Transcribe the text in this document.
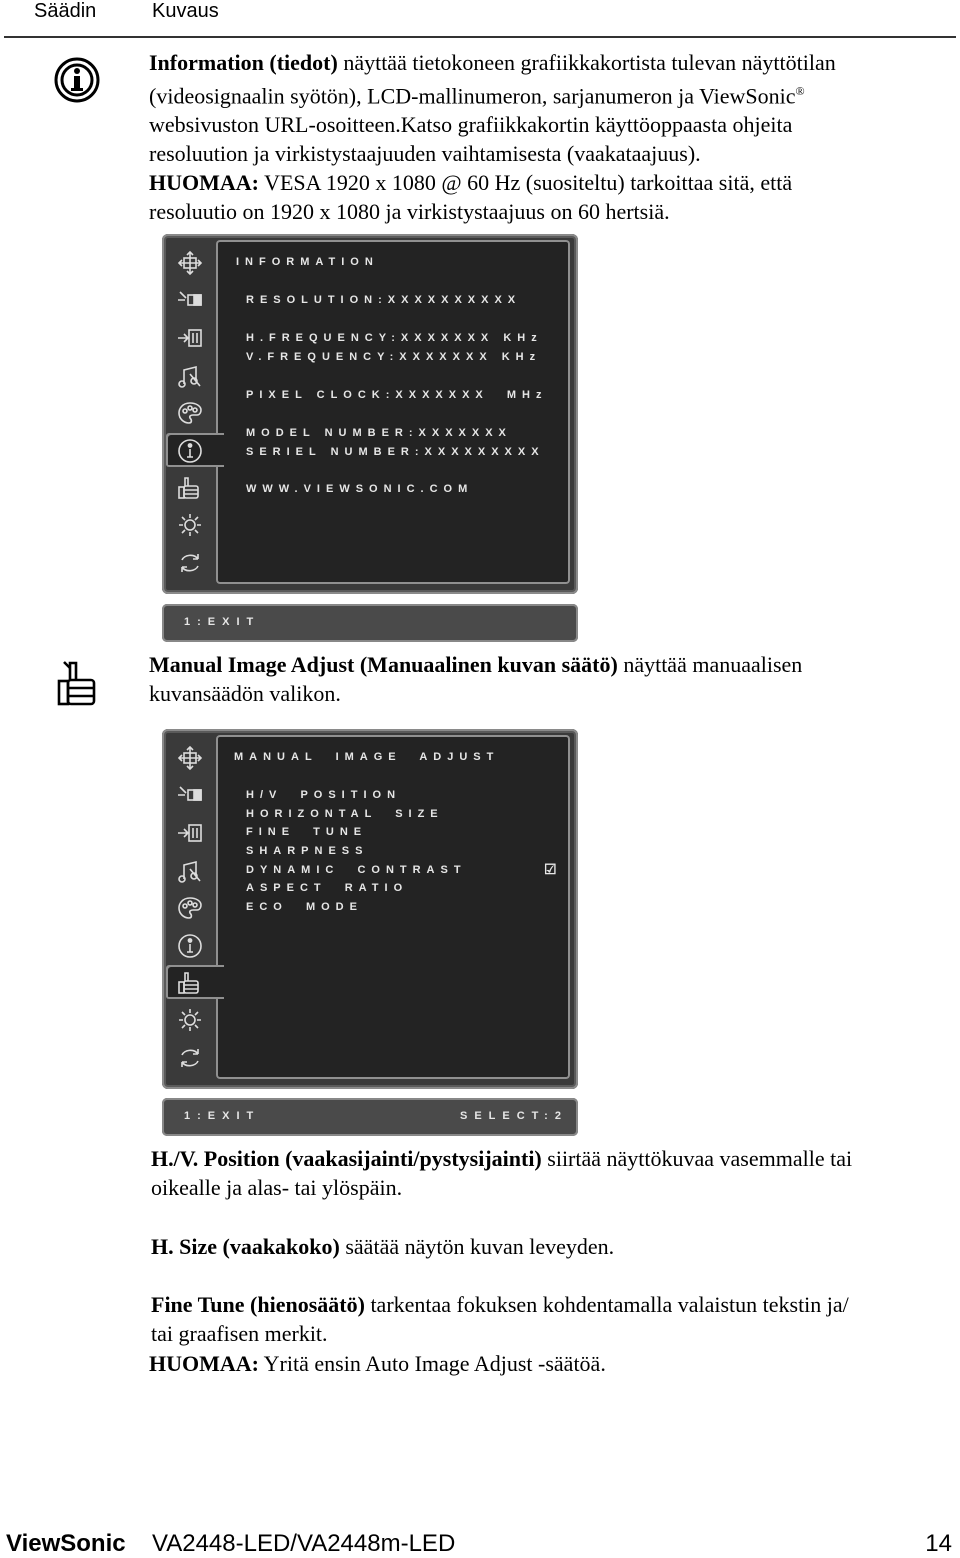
Säädin	Kuvaus
Information (tiedot) näyttää tietokoneen grafiikkakortista tulevan näyttötilan
(videosignaalin syötön), LCD-mallinumeron, sarjanumeron ja ViewSonic®
websivuston URL-osoitteen.Katso grafiikkakortin käyttöoppaasta ohjeita
resoluution ja virkistystaajuuden vaihtamisesta (vaakataajuus).
HUOMAA: VESA 1920 x 1080 @ 60 Hz (suositeltu) tarkoittaa sitä, että
resoluutio on 1920 x 1080 ja virkistystaajuus on 60 hertsiä.
INFORMATION
RESOLUTION:XXXXXXXXXX
H.FREQUENCY:XXXXXXX KHz
V.FREQUENCY:XXXXXXX KHz
PIXEL CLOCK:XXXXXXX  MHz
MODEL NUMBER:XXXXXXX
SERIEL NUMBER:XXXXXXXXX
WWW.VIEWSONIC.COM
1:EXIT
Manual Image Adjust (Manuaalinen kuvan säätö) näyttää manuaalisen
kuvansäädön valikon.
MANUAL  IMAGE  ADJUST
H/V  POSITION
HORIZONTAL  SIZE
FINE  TUNE
SHARPNESS
DYNAMIC  CONTRAST	☑
ASPECT  RATIO
ECO  MODE
1:EXIT	SELECT:2
H./V. Position (vaakasijainti/pystysijainti) siirtää näyttökuvaa vasemmalle tai
oikealle ja alas- tai ylöspäin.
H. Size (vaakakoko) säätää näytön kuvan leveyden.
Fine Tune (hienosäätö) tarkentaa fokuksen kohdentamalla valaistun tekstin ja/
tai graafisen merkit.
HUOMAA: Yritä ensin Auto Image Adjust -säätöä.
ViewSonic VA2448-LED/VA2448m-LED	14
